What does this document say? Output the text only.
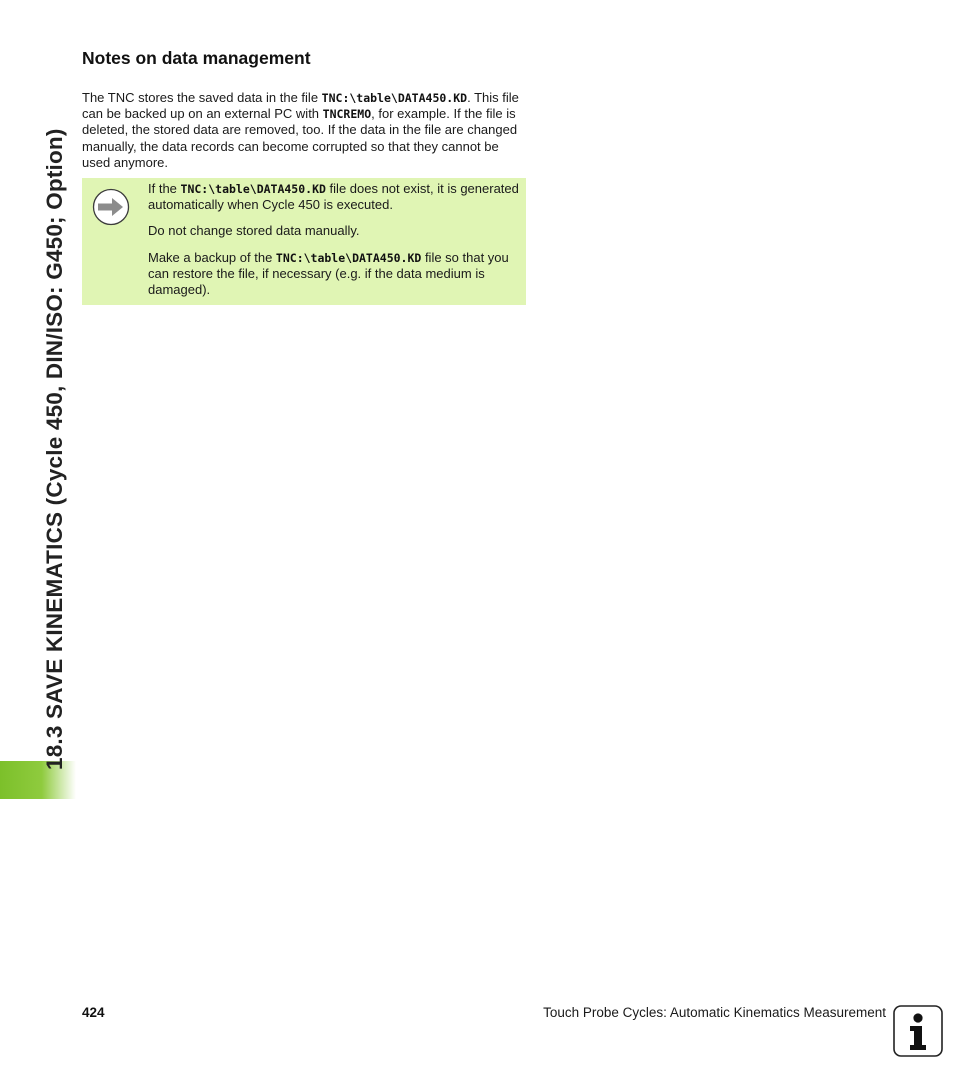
18.3 SAVE KINEMATICS (Cycle 450, DIN/ISO: G450; Option)
Notes on data management

The TNC stores the saved data in the file TNC:\table\DATA450.KD. This file can be backed up on an external PC with TNCREMO, for example. If the file is deleted, the stored data are removed, too. If the data in the file are changed manually, the data records can become corrupted so that they cannot be used anymore.

If the TNC:\table\DATA450.KD file does not exist, it is generated automatically when Cycle 450 is executed.

Do not change stored data manually.

Make a backup of the TNC:\table\DATA450.KD file so that you can restore the file, if necessary (e.g. if the data medium is damaged).

424	Touch Probe Cycles: Automatic Kinematics Measurement
